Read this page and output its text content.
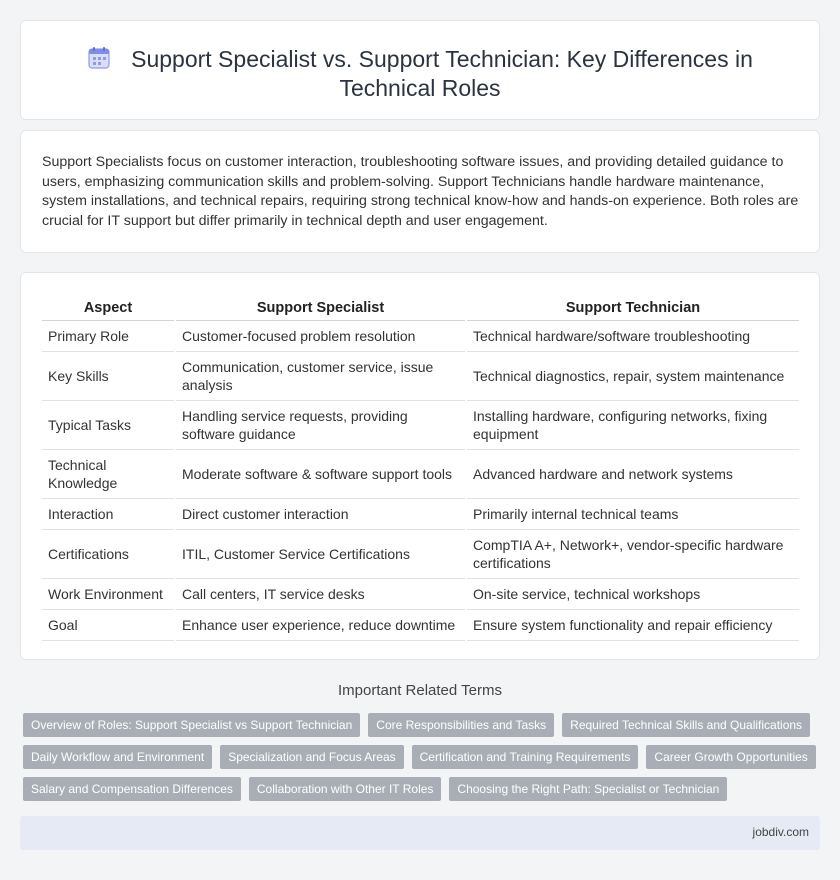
Support Specialist vs. Support Technician: Key Differences in Technical Roles

Support Specialists focus on customer interaction, troubleshooting software issues, and providing detailed guidance to users, emphasizing communication skills and problem-solving. Support Technicians handle hardware maintenance, system installations, and technical repairs, requiring strong technical know-how and hands-on experience. Both roles are crucial for IT support but differ primarily in technical depth and user engagement.

Aspect	Support Specialist	Support Technician
Primary Role	Customer-focused problem resolution	Technical hardware/software troubleshooting
Key Skills	Communication, customer service, issue analysis	Technical diagnostics, repair, system maintenance
Typical Tasks	Handling service requests, providing software guidance	Installing hardware, configuring networks, fixing equipment
Technical Knowledge	Moderate software & software support tools	Advanced hardware and network systems
Interaction	Direct customer interaction	Primarily internal technical teams
Certifications	ITIL, Customer Service Certifications	CompTIA A+, Network+, vendor-specific hardware certifications
Work Environment	Call centers, IT service desks	On-site service, technical workshops
Goal	Enhance user experience, reduce downtime	Ensure system functionality and repair efficiency
Important Related Terms
Overview of Roles: Support Specialist vs Support Technician	Core Responsibilities and Tasks	Required Technical Skills and Qualifications
Daily Workflow and Environment	Specialization and Focus Areas	Certification and Training Requirements	Career Growth Opportunities
Salary and Compensation Differences	Collaboration with Other IT Roles	Choosing the Right Path: Specialist or Technician
jobdiv.com
